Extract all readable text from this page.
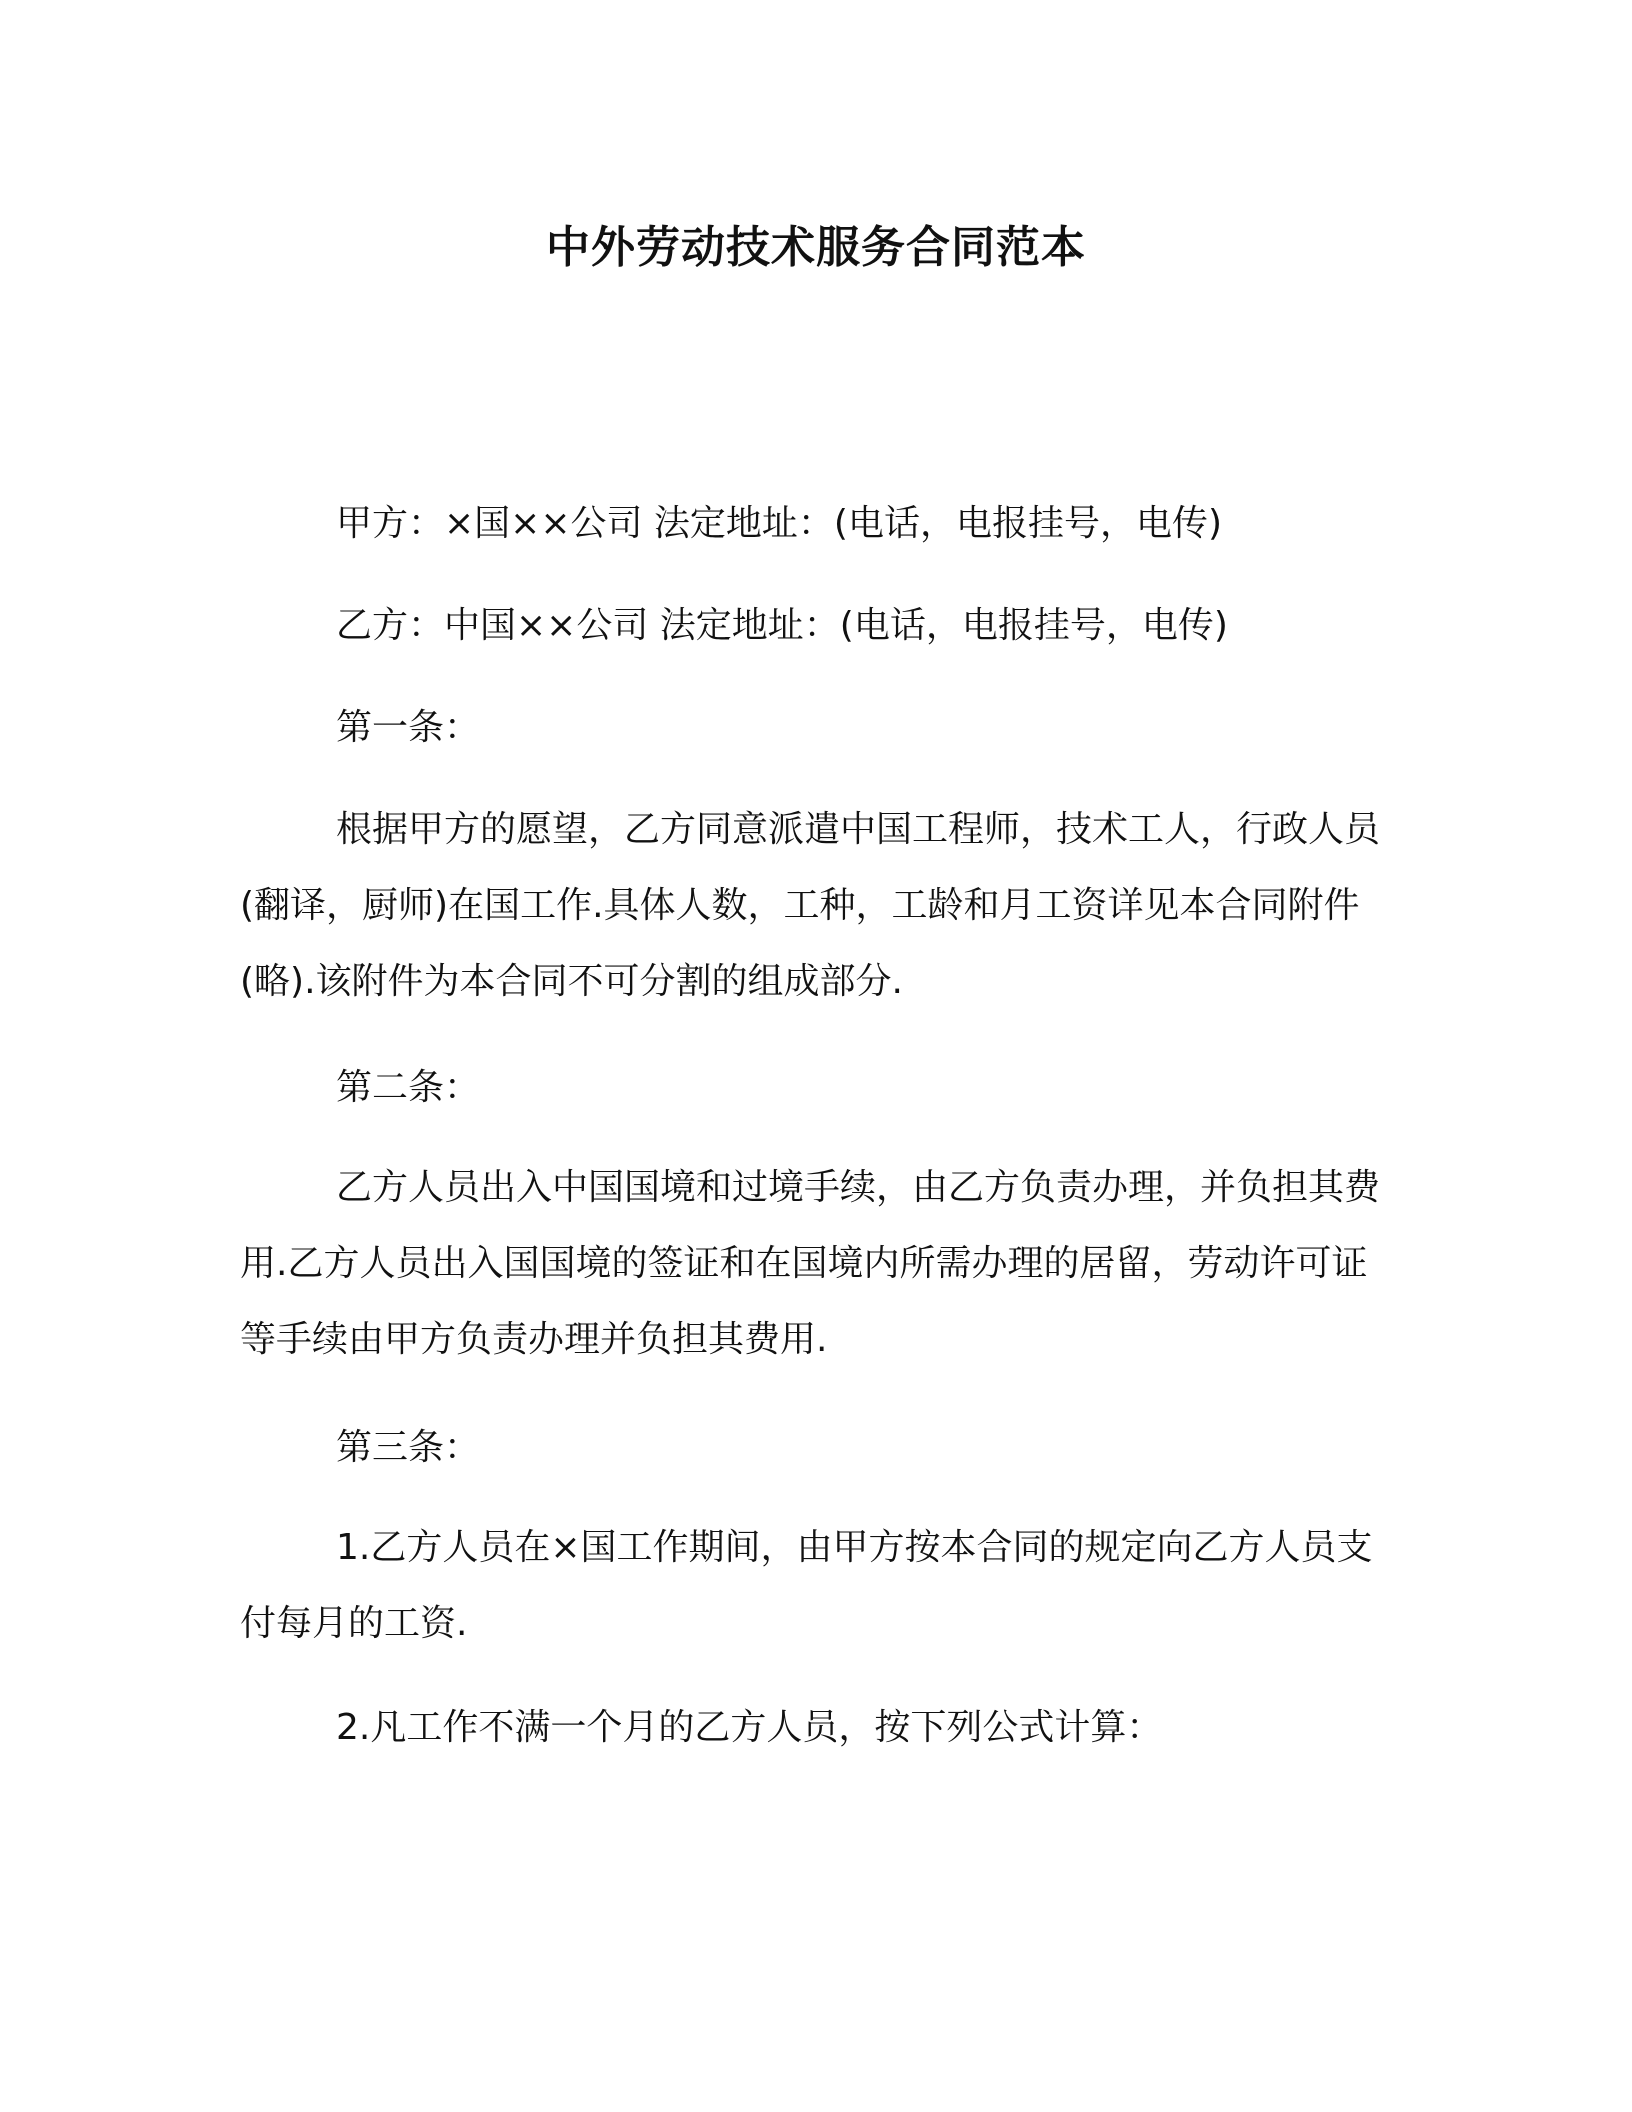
中外劳动技术服务合同范本

甲方：×国××公司 法定地址：(电话，电报挂号，电传)

乙方：中国××公司 法定地址：(电话，电报挂号，电传)

第一条：

根据甲方的愿望，乙方同意派遣中国工程师，技术工人，行政人员(翻译，厨师)在国工作.具体人数，工种，工龄和月工资详见本合同附件(略).该附件为本合同不可分割的组成部分.

第二条：

乙方人员出入中国国境和过境手续，由乙方负责办理，并负担其费用.乙方人员出入国国境的签证和在国境内所需办理的居留，劳动许可证等手续由甲方负责办理并负担其费用.

第三条：

1.乙方人员在×国工作期间，由甲方按本合同的规定向乙方人员支付每月的工资.

2.凡工作不满一个月的乙方人员，按下列公式计算：
